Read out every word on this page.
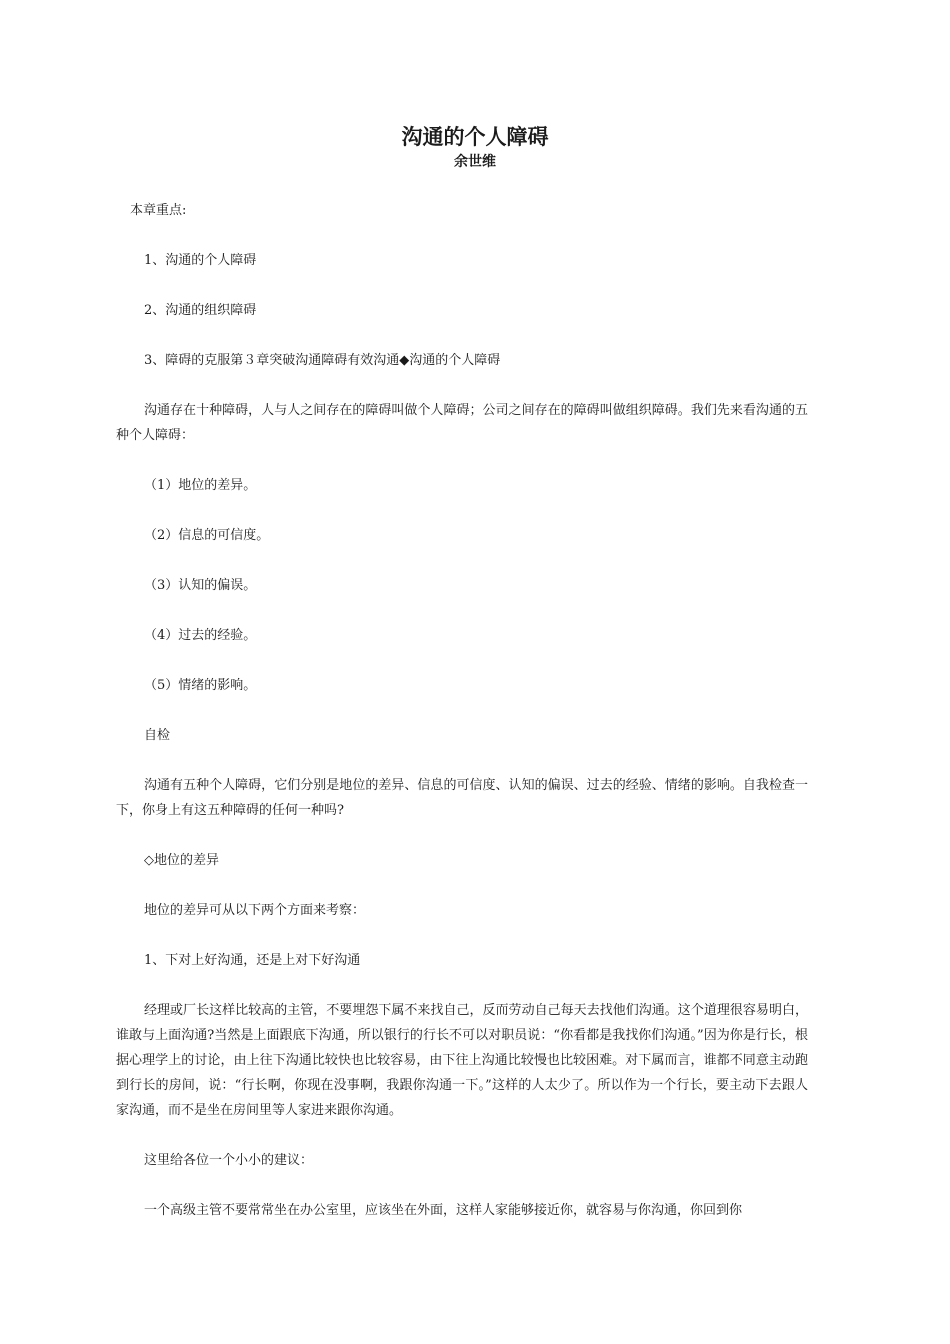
沟通的个人障碍
余世维

本章重点:

1、沟通的个人障碍

2、沟通的组织障碍

3、障碍的克服第３章突破沟通障碍有效沟通◆沟通的个人障碍

沟通存在十种障碍，人与人之间存在的障碍叫做个人障碍；公司之间存在的障碍叫做组织障碍。我们先来看沟通的五种个人障碍：

（1）地位的差异。

（2）信息的可信度。

（3）认知的偏误。

（4）过去的经验。

（5）情绪的影响。

自检

沟通有五种个人障碍，它们分别是地位的差异、信息的可信度、认知的偏误、过去的经验、情绪的影响。自我检查一下，你身上有这五种障碍的任何一种吗?

◇地位的差异

地位的差异可从以下两个方面来考察：

1、下对上好沟通，还是上对下好沟通

经理或厂长这样比较高的主管，不要埋怨下属不来找自己，反而劳动自己每天去找他们沟通。这个道理很容易明白，谁敢与上面沟通?当然是上面跟底下沟通，所以银行的行长不可以对职员说：“你看都是我找你们沟通。”因为你是行长，根据心理学上的讨论，由上往下沟通比较快也比较容易，由下往上沟通比较慢也比较困难。对下属而言，谁都不同意主动跑到行长的房间，说：“行长啊，你现在没事啊，我跟你沟通一下。”这样的人太少了。所以作为一个行长，要主动下去跟人家沟通，而不是坐在房间里等人家进来跟你沟通。

这里给各位一个小小的建议：

一个高级主管不要常常坐在办公室里，应该坐在外面，这样人家能够接近你，就容易与你沟通，你回到你
